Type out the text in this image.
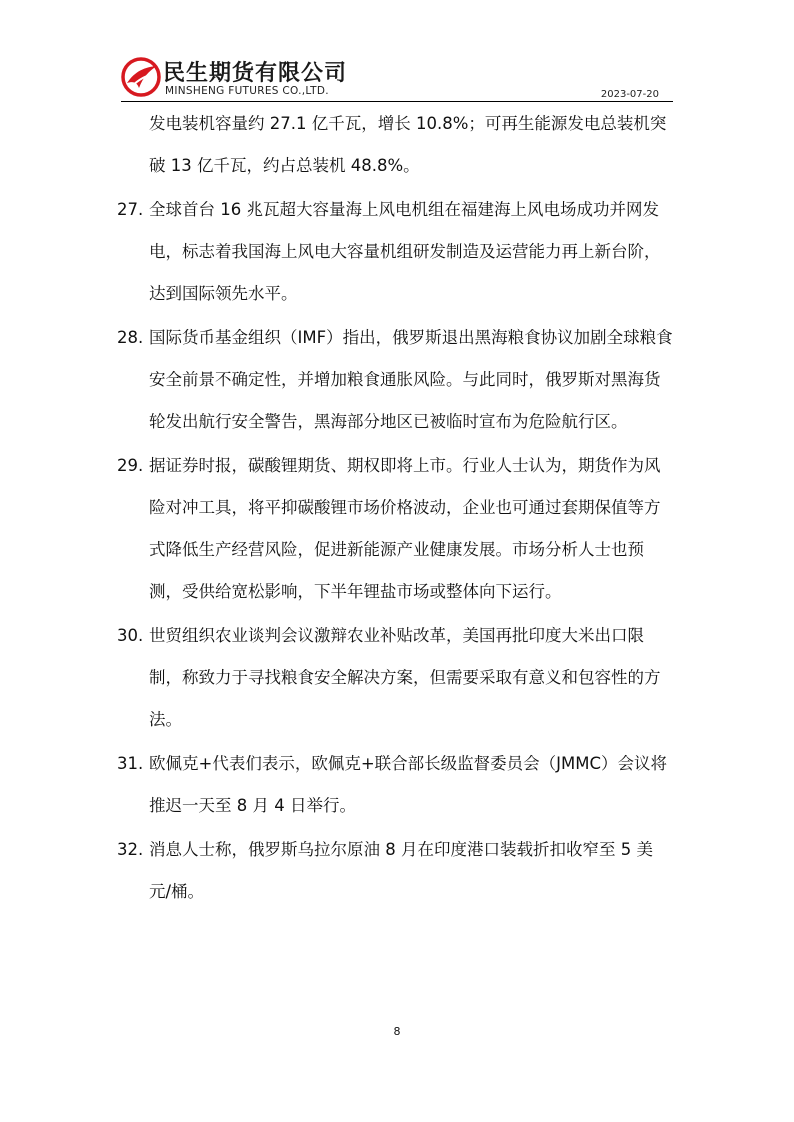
民生期货有限公司
MINSHENG FUTURES CO.,LTD.	2023-07-20
发电装机容量约 27.1 亿千瓦，增长 10.8%；可再生能源发电总装机突破 13 亿千瓦，约占总装机 48.8%。
27. 全球首台 16 兆瓦超大容量海上风电机组在福建海上风电场成功并网发电，标志着我国海上风电大容量机组研发制造及运营能力再上新台阶，达到国际领先水平。
28. 国际货币基金组织（IMF）指出，俄罗斯退出黑海粮食协议加剧全球粮食安全前景不确定性，并增加粮食通胀风险。与此同时，俄罗斯对黑海货轮发出航行安全警告，黑海部分地区已被临时宣布为危险航行区。
29. 据证券时报，碳酸锂期货、期权即将上市。行业人士认为，期货作为风险对冲工具，将平抑碳酸锂市场价格波动，企业也可通过套期保值等方式降低生产经营风险，促进新能源产业健康发展。市场分析人士也预测，受供给宽松影响，下半年锂盐市场或整体向下运行。
30. 世贸组织农业谈判会议激辩农业补贴改革，美国再批印度大米出口限制，称致力于寻找粮食安全解决方案，但需要采取有意义和包容性的方法。
31. 欧佩克+代表们表示，欧佩克+联合部长级监督委员会（JMMC）会议将推迟一天至 8 月 4 日举行。
32. 消息人士称，俄罗斯乌拉尔原油 8 月在印度港口装载折扣收窄至 5 美元/桶。
8
